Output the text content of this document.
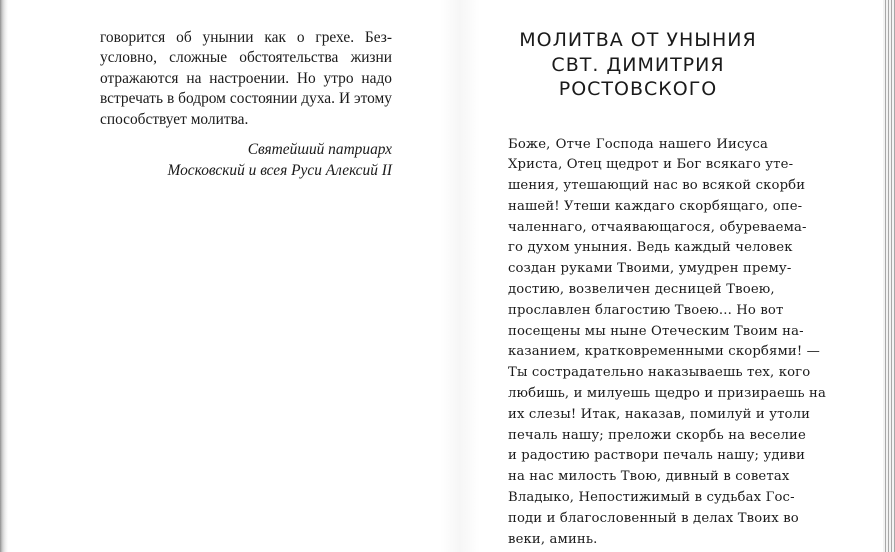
говорится об унынии как о грехе. Без-
условно, сложные обстоятельства жизни
отражаются на настроении. Но утро надо
встречать в бодром состоянии духа. И этому
способствует молитва.

Святейший патриарх
Московский и всея Руси Алексий II
МОЛИТВА ОТ УНЫНИЯ
СВТ. ДИМИТРИЯ
РОСТОВСКОГО

Боже, Отче Господа нашего Иисуса
Христа, Отец щедрот и Бог всякаго уте-
шения, утешающий нас во всякой скорби
нашей! Утеши каждаго скорбящаго, опе-
чаленнаго, отчаявающагося, обуреваема-
го духом уныния. Ведь каждый человек
создан руками Твоими, умудрен прему-
достию, возвеличен десницей Твоею,
прославлен благостию Твоею... Но вот
посещены мы ныне Отеческим Твоим на-
казанием, кратковременными скорбями! —
Ты сострадательно наказываешь тех, кого
любишь, и милуешь щедро и призираешь на
их слезы! Итак, наказав, помилуй и утоли
печаль нашу; преложи скорбь на веселие
и радостию раствори печаль нашу; удиви
на нас милость Твою, дивный в советах
Владыко, Непостижимый в судьбах Гос-
поди и благословенный в делах Твоих во
веки, аминь.
